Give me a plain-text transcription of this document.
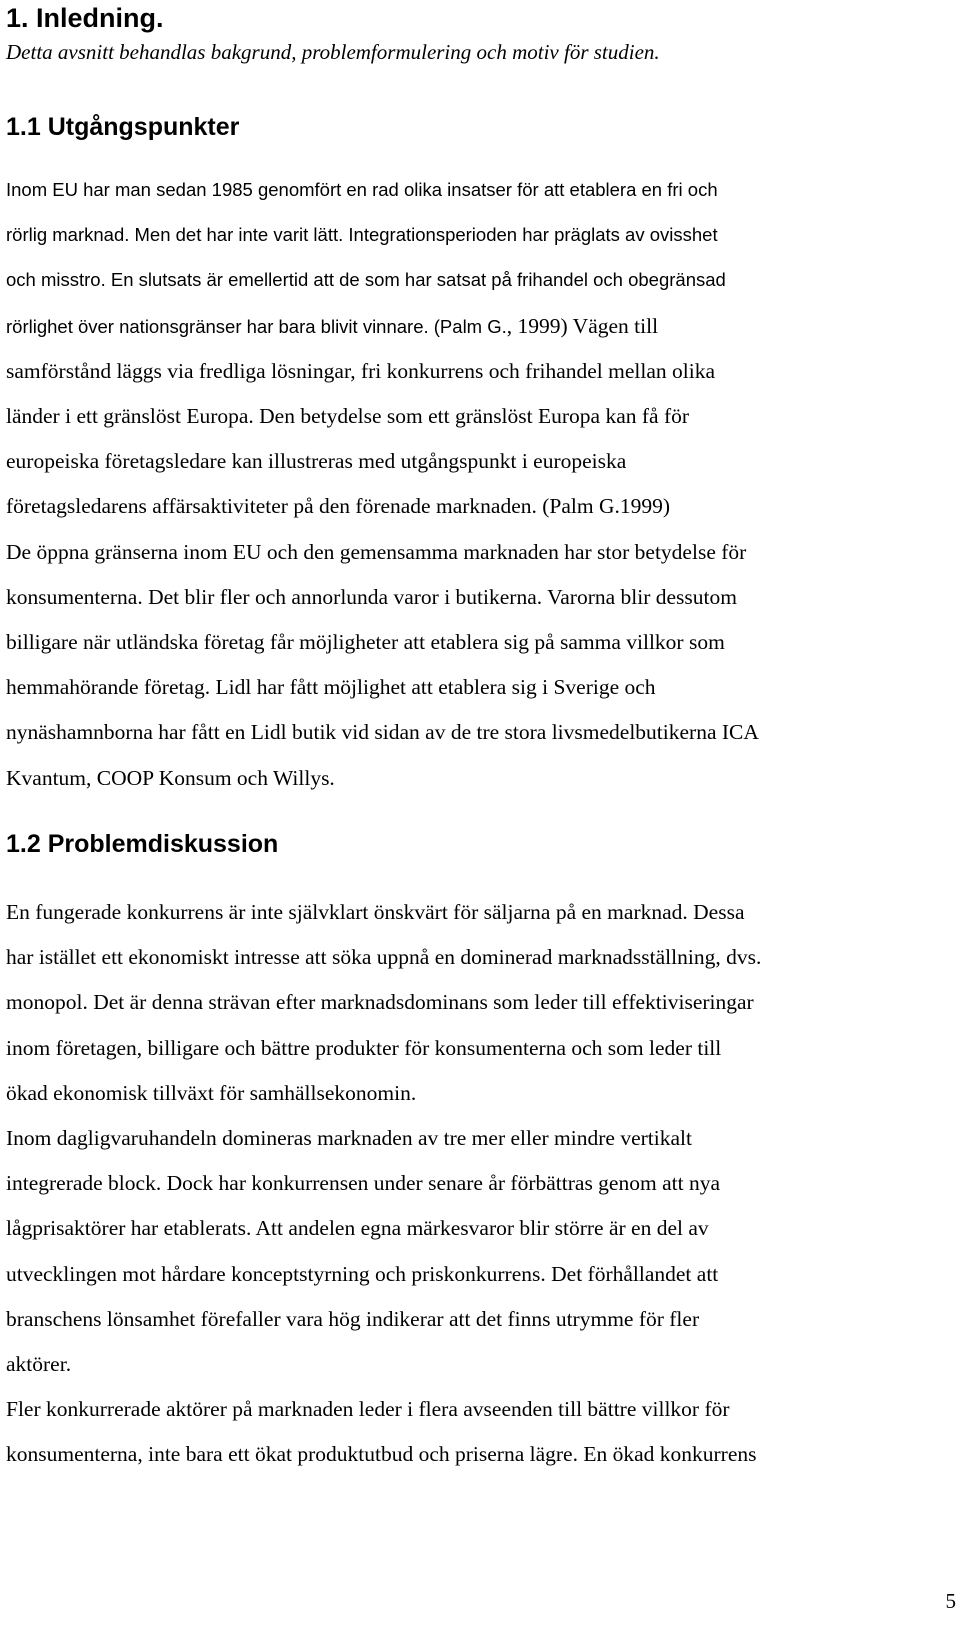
1. Inledning.
Detta avsnitt behandlas bakgrund, problemformulering och motiv för studien.
1.1 Utgångspunkter
Inom EU har man sedan 1985 genomfört en rad olika insatser för att etablera en fri och
rörlig marknad. Men det har inte varit lätt. Integrationsperioden har präglats av ovisshet
och misstro. En slutsats är emellertid att de som har satsat på frihandel och obegränsad
rörlighet över nationsgränser har bara blivit vinnare. (Palm G., 1999) Vägen till
samförstånd läggs via fredliga lösningar, fri konkurrens och frihandel mellan olika
länder i ett gränslöst Europa. Den betydelse som ett gränslöst Europa kan få för
europeiska företagsledare kan illustreras med utgångspunkt i europeiska
företagsledarens affärsaktiviteter på den förenade marknaden. (Palm G.1999)
De öppna gränserna inom EU och den gemensamma marknaden har stor betydelse för
konsumenterna. Det blir fler och annorlunda varor i butikerna. Varorna blir dessutom
billigare när utländska företag får möjligheter att etablera sig på samma villkor som
hemmahörande företag. Lidl har fått möjlighet att etablera sig i Sverige och
nynäshamnborna har fått en Lidl butik vid sidan av de tre stora livsmedelbutikerna ICA
Kvantum, COOP Konsum och Willys.
1.2 Problemdiskussion
En fungerade konkurrens är inte självklart önskvärt för säljarna på en marknad. Dessa
har istället ett ekonomiskt intresse att söka uppnå en dominerad marknadsställning, dvs.
monopol. Det är denna strävan efter marknadsdominans som leder till effektiviseringar
inom företagen, billigare och bättre produkter för konsumenterna och som leder till
ökad ekonomisk tillväxt för samhällsekonomin.
Inom dagligvaruhandeln domineras marknaden av tre mer eller mindre vertikalt
integrerade block. Dock har konkurrensen under senare år förbättras genom att nya
lågprisaktörer har etablerats. Att andelen egna märkesvaror blir större är en del av
utvecklingen mot hårdare konceptstyrning och priskonkurrens. Det förhållandet att
branschens lönsamhet förefaller vara hög indikerar att det finns utrymme för fler
aktörer.
Fler konkurrerade aktörer på marknaden leder i flera avseenden till bättre villkor för
konsumenterna, inte bara ett ökat produktutbud och priserna lägre. En ökad konkurrens
5
